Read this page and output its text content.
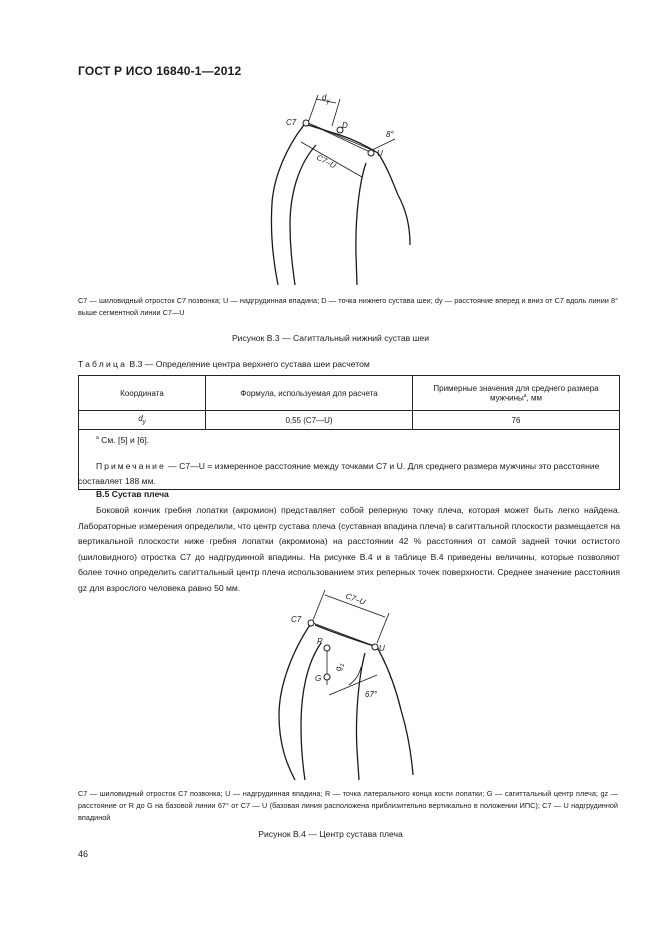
ГОСТ Р ИСО 16840-1—2012
C7	D
U
$d_y$
8°
C7–U
C7 — шиловидный отросток C7 позвонка; U — надгрудинная впадина; D — точка нижнего сустава шеи; dy — расстояние вперед и вниз от C7 вдоль линии 8° выше сегментной линии C7—U
Рисунок В.3 — Сагиттальный нижний сустав шеи
Таблица В.3 — Определение центра верхнего сустава шеи расчетом
Координата	Формула, используемая для расчета	Примерные значения для среднего размера мужчины$^а$, мм
$d_y$	0,55 (C7—U)	76

$^а$ См. [5] и [6].
Примечание — C7—U = измеренное расстояние между точками C7 и U. Для среднего размера мужчины это расстояние составляет 188 мм.
В.5 Сустав плеча
Боковой кончик гребня лопатки (акромион) представляет собой реперную точку плеча, которая может быть легко найдена. Лабораторные измерения определили, что центр сустава плеча (суставная впадина плеча) в сагиттальной плоскости размещается на вертикальной плоскости ниже гребня лопатки (акромиона) на расстоянии 42 % расстояния от самой задней точки остистого (шиловидного) отростка C7 до надгрудинной впадины. На рисунке В.4 и в таблице В.4 приведены величины, которые позволяют более точно определить сагиттальный центр плеча использованием этих реперных точек поверхности. Среднее значение расстояния gz для взрослого человека равно 50 мм.
C7
R
G
U
$g_z$
67°
C7–U
C7 — шиловидный отросток C7 позвонка; U — надгрудинная впадина; R — точка латерального конца кости лопатки; G — сагиттальный центр плеча; gz — расстояние от R до G на базовой линии 67° от C7 — U (базовая линия расположена приблизительно вертикально в положении ИПС); C7 — U надгрудинной впадиной
Рисунок В.4 — Центр сустава плеча
46
